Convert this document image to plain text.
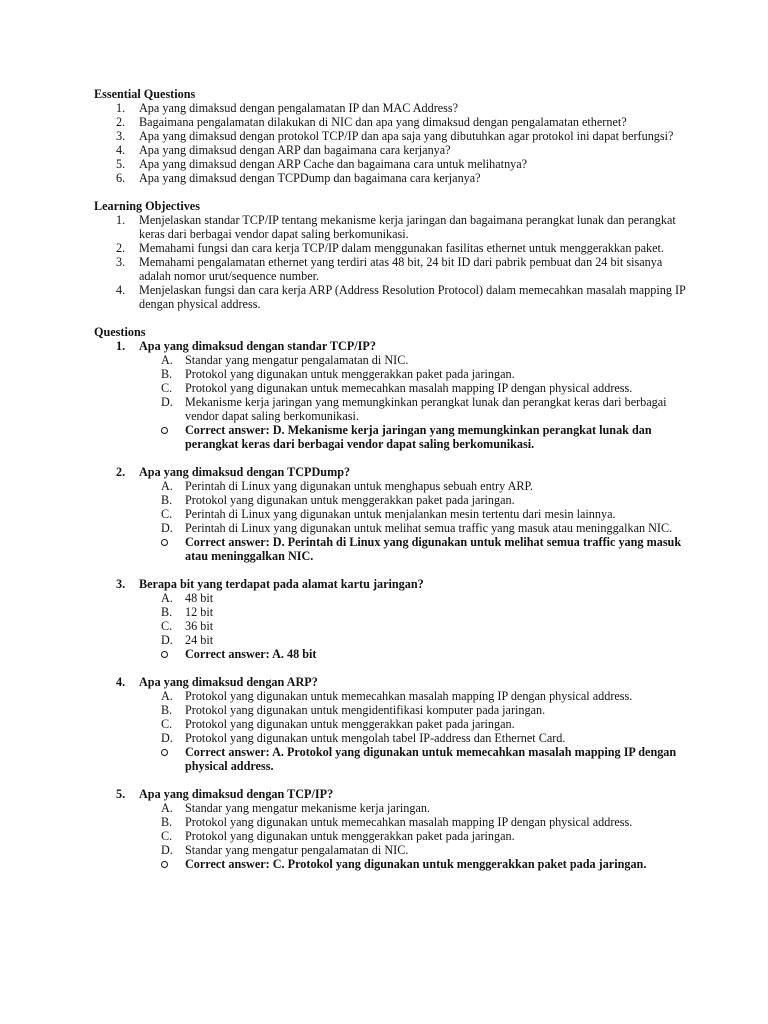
Essential Questions
1. Apa yang dimaksud dengan pengalamatan IP dan MAC Address?
2. Bagaimana pengalamatan dilakukan di NIC dan apa yang dimaksud dengan pengalamatan ethernet?
3. Apa yang dimaksud dengan protokol TCP/IP dan apa saja yang dibutuhkan agar protokol ini dapat berfungsi?
4. Apa yang dimaksud dengan ARP dan bagaimana cara kerjanya?
5. Apa yang dimaksud dengan ARP Cache dan bagaimana cara untuk melihatnya?
6. Apa yang dimaksud dengan TCPDump dan bagaimana cara kerjanya?
Learning Objectives
1. Menjelaskan standar TCP/IP tentang mekanisme kerja jaringan dan bagaimana perangkat lunak dan perangkat keras dari berbagai vendor dapat saling berkomunikasi.
2. Memahami fungsi dan cara kerja TCP/IP dalam menggunakan fasilitas ethernet untuk menggerakkan paket.
3. Memahami pengalamatan ethernet yang terdiri atas 48 bit, 24 bit ID dari pabrik pembuat dan 24 bit sisanya adalah nomor urut/sequence number.
4. Menjelaskan fungsi dan cara kerja ARP (Address Resolution Protocol) dalam memecahkan masalah mapping IP dengan physical address.
Questions
1. Apa yang dimaksud dengan standar TCP/IP?
A. Standar yang mengatur pengalamatan di NIC.
B. Protokol yang digunakan untuk menggerakkan paket pada jaringan.
C. Protokol yang digunakan untuk memecahkan masalah mapping IP dengan physical address.
D. Mekanisme kerja jaringan yang memungkinkan perangkat lunak dan perangkat keras dari berbagai vendor dapat saling berkomunikasi.
Correct answer: D. Mekanisme kerja jaringan yang memungkinkan perangkat lunak dan perangkat keras dari berbagai vendor dapat saling berkomunikasi.
2. Apa yang dimaksud dengan TCPDump?
A. Perintah di Linux yang digunakan untuk menghapus sebuah entry ARP.
B. Protokol yang digunakan untuk menggerakkan paket pada jaringan.
C. Perintah di Linux yang digunakan untuk menjalankan mesin tertentu dari mesin lainnya.
D. Perintah di Linux yang digunakan untuk melihat semua traffic yang masuk atau meninggalkan NIC.
Correct answer: D. Perintah di Linux yang digunakan untuk melihat semua traffic yang masuk atau meninggalkan NIC.
3. Berapa bit yang terdapat pada alamat kartu jaringan?
A. 48 bit
B. 12 bit
C. 36 bit
D. 24 bit
Correct answer: A. 48 bit
4. Apa yang dimaksud dengan ARP?
A. Protokol yang digunakan untuk memecahkan masalah mapping IP dengan physical address.
B. Protokol yang digunakan untuk mengidentifikasi komputer pada jaringan.
C. Protokol yang digunakan untuk menggerakkan paket pada jaringan.
D. Protokol yang digunakan untuk mengolah tabel IP-address dan Ethernet Card.
Correct answer: A. Protokol yang digunakan untuk memecahkan masalah mapping IP dengan physical address.
5. Apa yang dimaksud dengan TCP/IP?
A. Standar yang mengatur mekanisme kerja jaringan.
B. Protokol yang digunakan untuk memecahkan masalah mapping IP dengan physical address.
C. Protokol yang digunakan untuk menggerakkan paket pada jaringan.
D. Standar yang mengatur pengalamatan di NIC.
Correct answer: C. Protokol yang digunakan untuk menggerakkan paket pada jaringan.
